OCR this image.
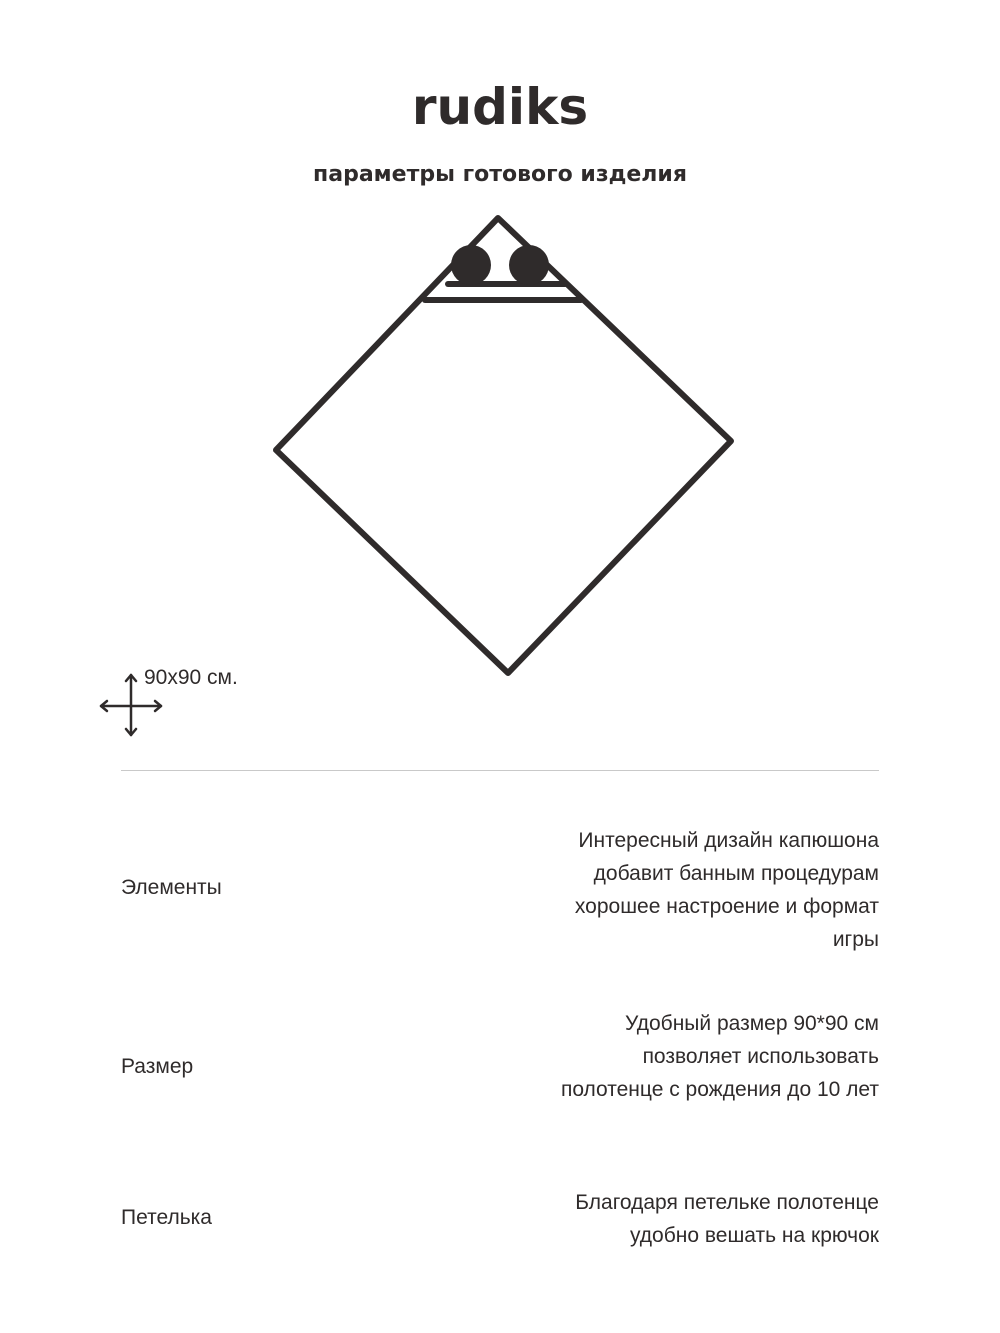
rudiks
параметры готового изделия
90х90 см.
Элементы
Интересный дизайн капюшона
добавит банным процедурам
хорошее настроение и формат
игры
Размер
Удобный размер 90*90 см
позволяет использовать
полотенце с рождения до 10 лет
Петелька
Благодаря петельке полотенце
удобно вешать на крючок
